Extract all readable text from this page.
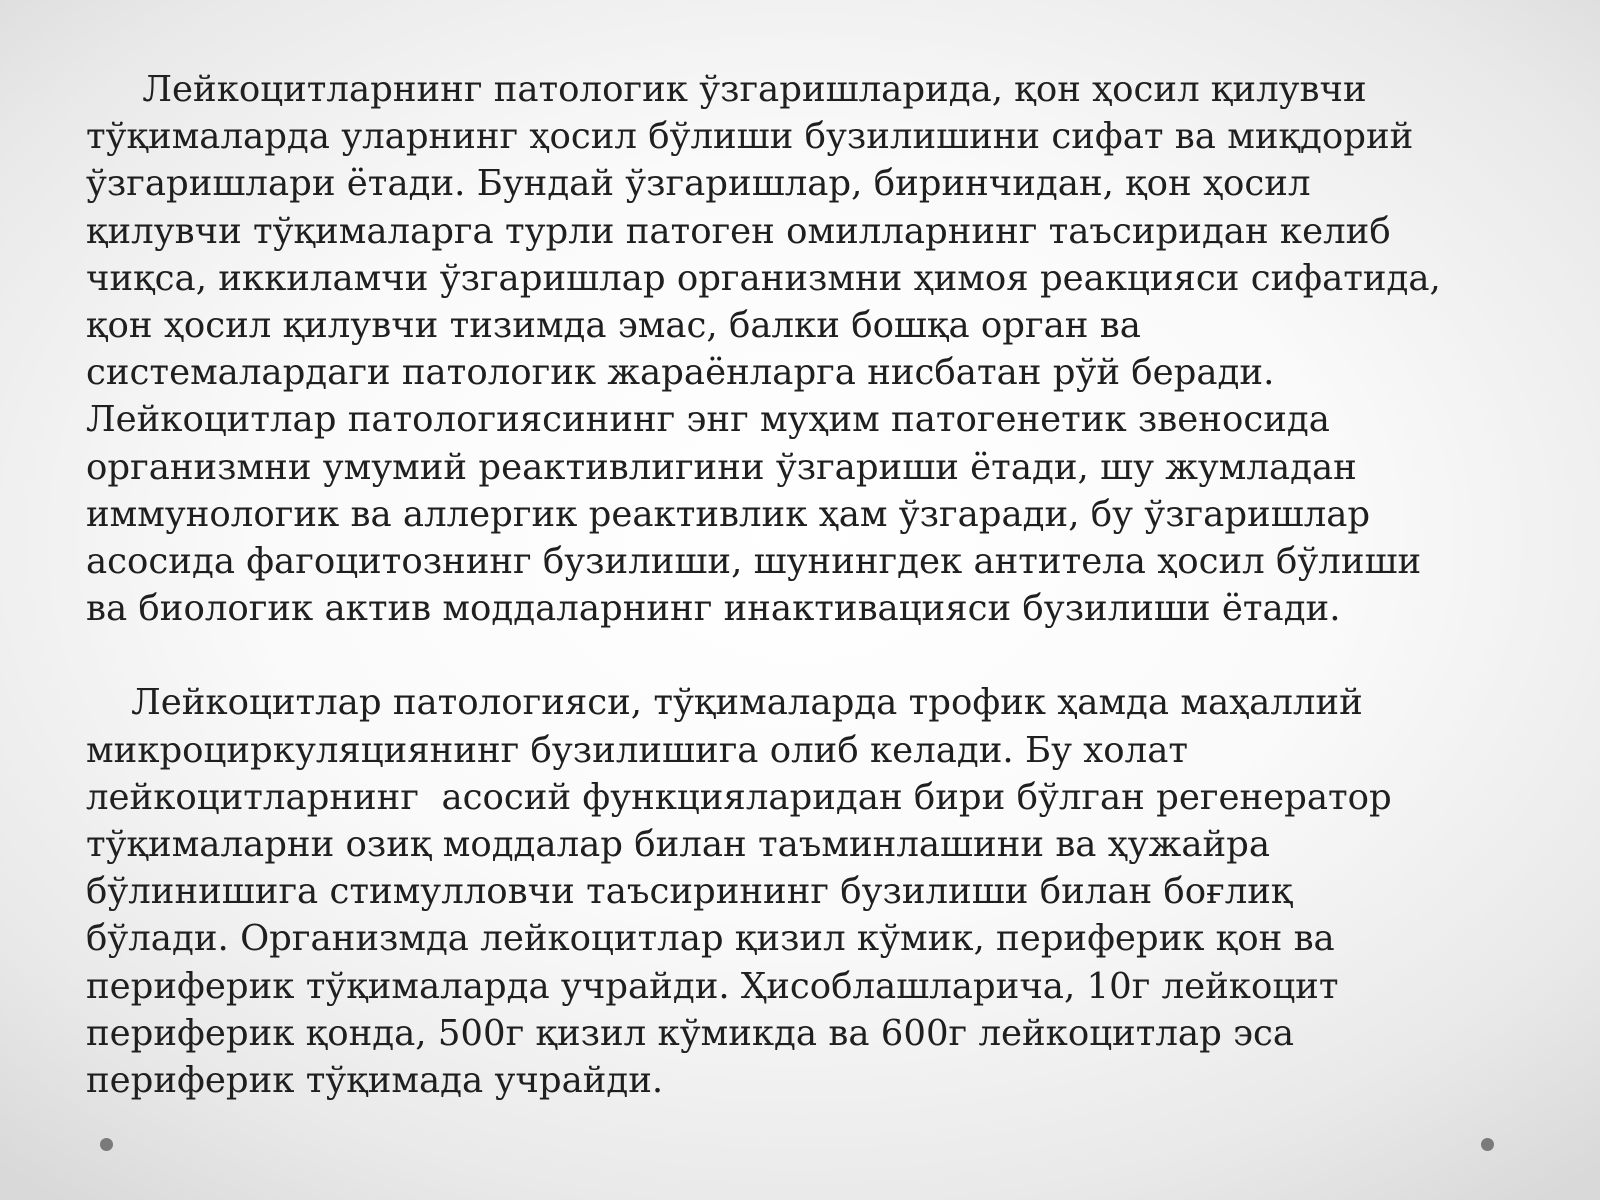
Лейкоцитларнинг патологик ўзгаришларида, қон ҳосил қилувчи
тўқималарда уларнинг ҳосил бўлиши бузилишини сифат ва миқдорий
ўзгаришлари ётади. Бундай ўзгаришлар, биринчидан, қон ҳосил
қилувчи тўқималарга турли патоген омилларнинг таъсиридан келиб
чиқса, иккиламчи ўзгаришлар организмни ҳимоя реакцияси сифатида,
қон ҳосил қилувчи тизимда эмас, балки бошқа орган ва
системалардаги патологик жараёнларга нисбатан рўй беради.
Лейкоцитлар патологиясининг энг муҳим патогенетик звеносида
организмни умумий реактивлигини ўзгариши ётади, шу жумладан
иммунологик ва аллергик реактивлик ҳам ўзгаради, бу ўзгаришлар
асосида фагоцитознинг бузилиши, шунингдек антитела ҳосил бўлиши
ва биологик актив моддаларнинг инактивацияси бузилиши ётади.

Лейкоцитлар патологияси, тўқималарда трофик ҳамда маҳаллий
микроциркуляциянинг бузилишига олиб келади. Бу холат
лейкоцитларнинг  асосий функцияларидан бири бўлган регенератор
тўқималарни озиқ моддалар билан таъминлашини ва ҳужайра
бўлинишига стимулловчи таъсирининг бузилиши билан боғлиқ
бўлади. Организмда лейкоцитлар қизил кўмик, периферик қон ва
периферик тўқималарда учрайди. Ҳисоблашларича, 10г лейкоцит
периферик қонда, 500г қизил кўмикда ва 600г лейкоцитлар эса
периферик тўқимада учрайди.
